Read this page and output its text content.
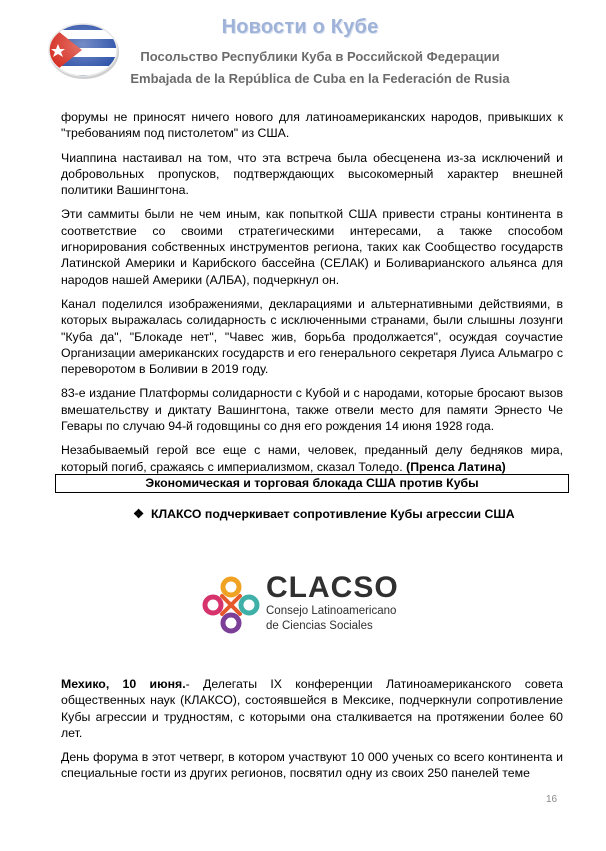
Новости о Кубе
Посольство Республики Куба в Российской Федерации
Embajada de la República de Cuba en la Federación de Rusia

форумы не приносят ничего нового для латиноамериканских народов, привыкших к "требованиям под пистолетом" из США.

Чиаппина настаивал на том, что эта встреча была обесценена из-за исключений и добровольных пропусков, подтверждающих высокомерный характер внешней политики Вашингтона.

Эти саммиты были не чем иным, как попыткой США привести страны континента в соответствие со своими стратегическими интересами, а также способом игнорирования собственных инструментов региона, таких как Сообщество государств Латинской Америки и Карибского бассейна (СЕЛАК) и Боливарианского альянса для народов нашей Америки (АЛБА), подчеркнул он.

Канал поделился изображениями, декларациями и альтернативными действиями, в которых выражалась солидарность с исключенными странами, были слышны лозунги "Куба да", "Блокаде нет", "Чавес жив, борьба продолжается", осуждая соучастие Организации американских государств и его генерального секретаря Луиса Альмагро с переворотом в Боливии в 2019 году.

83-е издание Платформы солидарности с Кубой и с народами, которые бросают вызов вмешательству и диктату Вашингтона, также отвели место для памяти Эрнесто Че Гевары по случаю 94-й годовщины со дня его рождения 14 июня 1928 года.

Незабываемый герой все еще с нами, человек, преданный делу бедняков мира, который погиб, сражаясь с империализмом, сказал Толедо. (Пренса Латина)

Экономическая и торговая блокада США против Кубы
❖ КЛАКСО подчеркивает сопротивление Кубы агрессии США
CLACSO
Consejo Latinoamericano
de Ciencias Sociales

Мехико, 10 июня.- Делегаты IX конференции Латиноамериканского совета общественных наук (КЛАКСО), состоявшейся в Мексике, подчеркнули сопротивление Кубы агрессии и трудностям, с которыми она сталкивается на протяжении более 60 лет.

День форума в этот четверг, в котором участвуют 10 000 ученых со всего континента и специальные гости из других регионов, посвятил одну из своих 250 панелей теме

16
